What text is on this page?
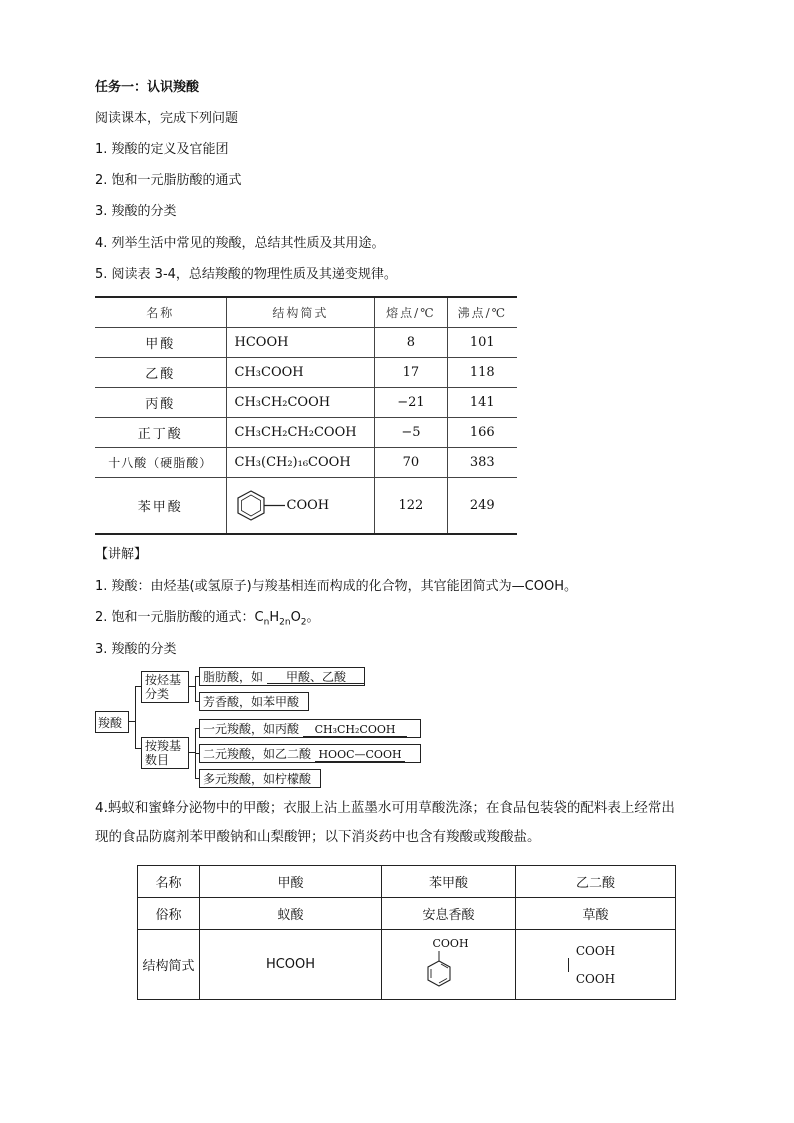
任务一：认识羧酸
阅读课本，完成下列问题
1. 羧酸的定义及官能团
2. 饱和一元脂肪酸的通式
3. 羧酸的分类
4. 列举生活中常见的羧酸，总结其性质及其用途。
5. 阅读表 3-4，总结羧酸的物理性质及其递变规律。
名称	结构简式	熔点/℃	沸点/℃
甲酸	HCOOH	8	101
乙酸	CH₃COOH	17	118
丙酸	CH₃CH₂COOH	−21	141
正丁酸	CH₃CH₂CH₂COOH	−5	166
十八酸（硬脂酸）	CH₃(CH₂)₁₆COOH	70	383
苯甲酸	COOH	122	249
【讲解】
1. 羧酸：由烃基(或氢原子)与羧基相连而构成的化合物，其官能团简式为—COOH。
2. 饱和一元脂肪酸的通式：$C_nH_{2n}O_2$。
3. 羧酸的分类
羧酸
按烃基
分类
按羧基
数目
脂肪酸，如 甲酸、乙酸
芳香酸，如苯甲酸
一元羧酸，如丙酸 CH₃CH₂COOH
二元羧酸，如乙二酸 HOOC—COOH
多元羧酸，如柠檬酸
4.蚂蚁和蜜蜂分泌物中的甲酸；衣服上沾上蓝墨水可用草酸洗涤；在食品包装袋的配料表上经常出
现的食品防腐剂苯甲酸钠和山梨酸钾；以下消炎药中也含有羧酸或羧酸盐。
名称	甲酸	苯甲酸	乙二酸
俗称	蚁酸	安息香酸	草酸
结构简式	HCOOH	COOH	COOH
COOH
